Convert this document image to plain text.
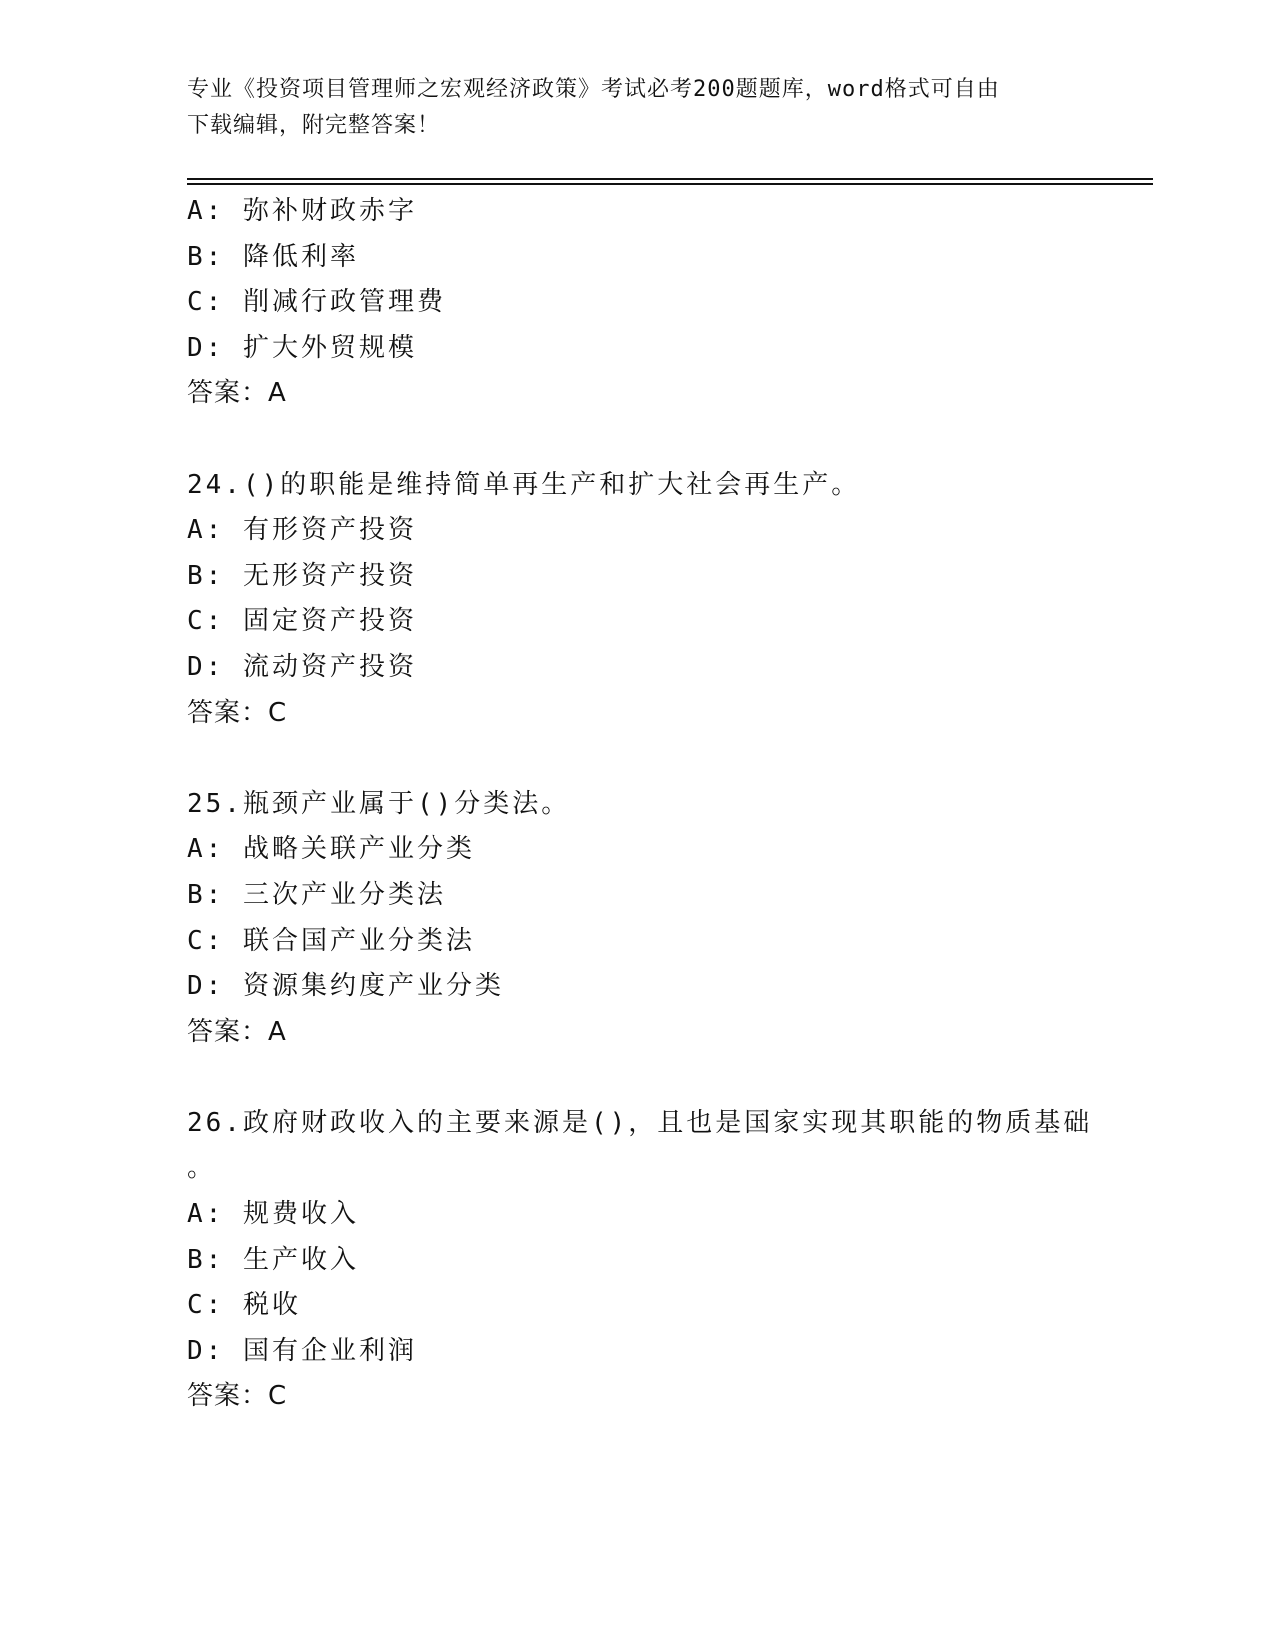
专业《投资项目管理师之宏观经济政策》考试必考200题题库，word格式可自由
下载编辑，附完整答案！
A: 弥补财政赤字
B: 降低利率
C: 削减行政管理费
D: 扩大外贸规模
答案：A
24.()的职能是维持简单再生产和扩大社会再生产。
A: 有形资产投资
B: 无形资产投资
C: 固定资产投资
D: 流动资产投资
答案：C
25.瓶颈产业属于()分类法。
A: 战略关联产业分类
B: 三次产业分类法
C: 联合国产业分类法
D: 资源集约度产业分类
答案：A
26.政府财政收入的主要来源是()，且也是国家实现其职能的物质基础
。
A: 规费收入
B: 生产收入
C: 税收
D: 国有企业利润
答案：C
